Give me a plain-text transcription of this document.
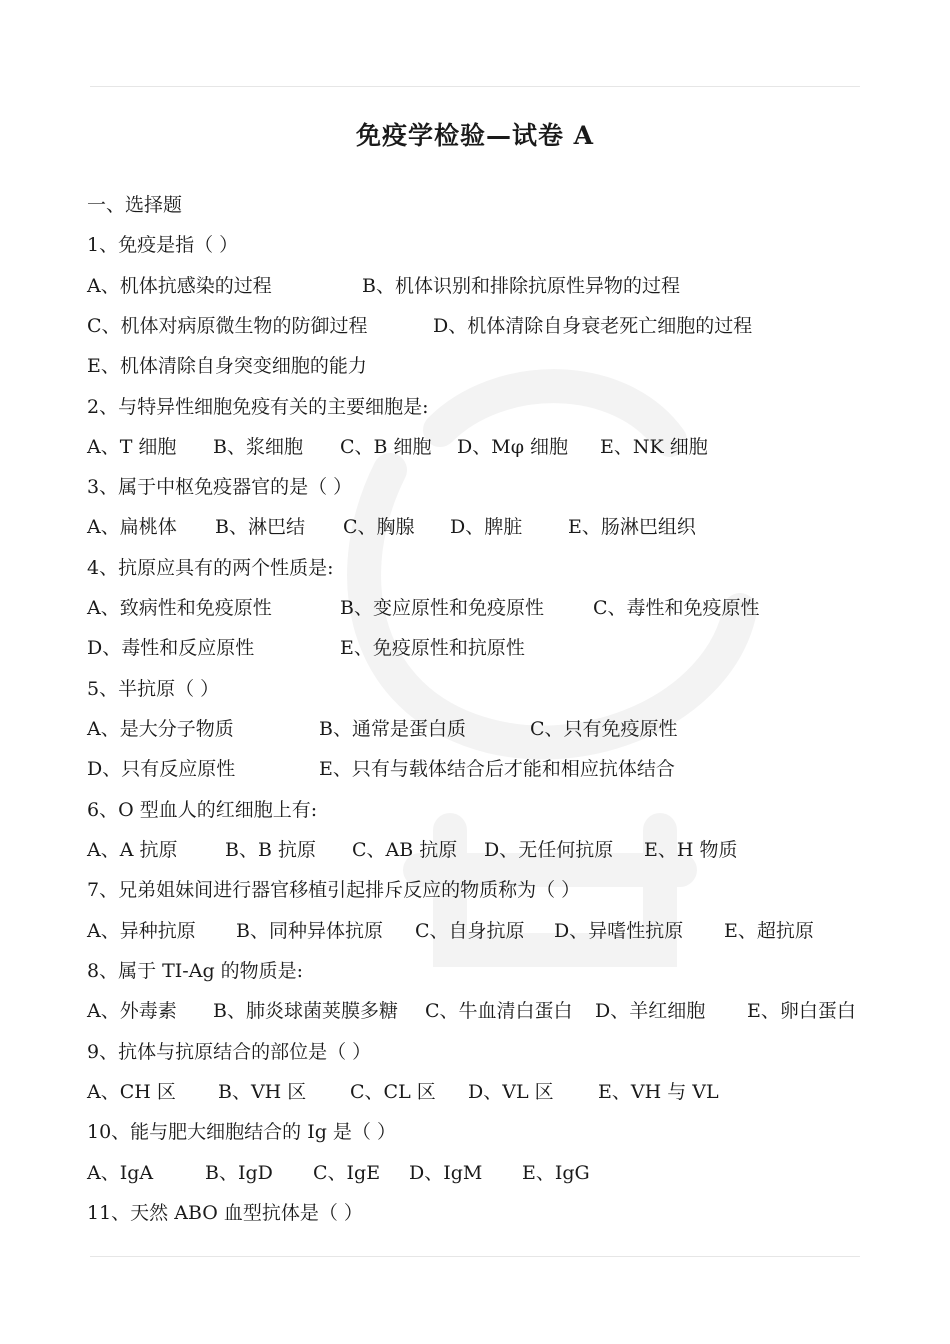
免疫学检验—试卷 A
一、选择题
1、免疫是指（ ）
A、机体抗感染的过程	B、机体识别和排除抗原性异物的过程
C、机体对病原微生物的防御过程	D、机体清除自身衰老死亡细胞的过程
E、机体清除自身突变细胞的能力
2、与特异性细胞免疫有关的主要细胞是:
A、T 细胞 B、浆细胞 C、B 细胞 D、Mφ 细胞 E、NK 细胞
3、属于中枢免疫器官的是（ ）
A、扁桃体 B、淋巴结 C、胸腺 D、脾脏 E、肠淋巴组织
4、抗原应具有的两个性质是:
A、致病性和免疫原性	B、变应原性和免疫原性	C、毒性和免疫原性
D、毒性和反应原性	E、免疫原性和抗原性
5、半抗原（ ）
A、是大分子物质	B、通常是蛋白质	C、只有免疫原性
D、只有反应原性	E、只有与载体结合后才能和相应抗体结合
6、O 型血人的红细胞上有:
A、A 抗原	B、B 抗原 C、AB 抗原 D、无任何抗原 E、H 物质
7、兄弟姐妹间进行器官移植引起排斥反应的物质称为（ ）
A、异种抗原 B、同种异体抗原 C、自身抗原 D、异嗜性抗原 E、超抗原
8、属于 TI-Ag 的物质是:
A、外毒素 B、肺炎球菌荚膜多糖 C、牛血清白蛋白 D、羊红细胞 E、卵白蛋白
9、抗体与抗原结合的部位是（ ）
A、CH 区 B、VH 区 C、CL 区 D、VL 区 E、VH 与 VL
10、能与肥大细胞结合的 Ig 是（ ）
A、IgA	B、IgD C、IgE D、IgM E、IgG
11、天然 ABO 血型抗体是（ ）
